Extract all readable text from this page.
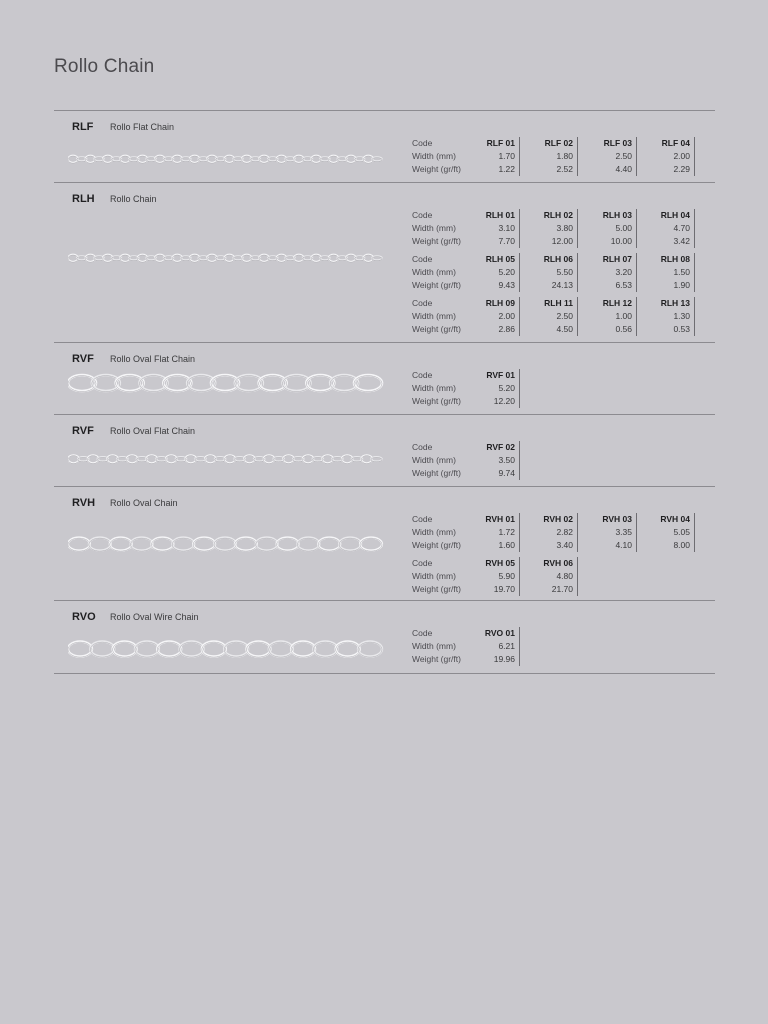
Rollo Chain
RLF Rollo Flat Chain
Code	RLF 01	RLF 02	RLF 03	RLF 04
Width (mm)	1.70	1.80	2.50	2.00
Weight (gr/ft)	1.22	2.52	4.40	2.29
RLH Rollo Chain
Code	RLH 01	RLH 02	RLH 03	RLH 04
Width (mm)	3.10	3.80	5.00	4.70
Weight (gr/ft)	7.70	12.00	10.00	3.42
Code	RLH 05	RLH 06	RLH 07	RLH 08
Width (mm)	5.20	5.50	3.20	1.50
Weight (gr/ft)	9.43	24.13	6.53	1.90
Code	RLH 09	RLH 11	RLH 12	RLH 13
Width (mm)	2.00	2.50	1.00	1.30
Weight (gr/ft)	2.86	4.50	0.56	0.53
RVF Rollo Oval Flat Chain
Code	RVF 01
Width (mm)	5.20
Weight (gr/ft)	12.20
RVF Rollo Oval Flat Chain
Code	RVF 02
Width (mm)	3.50
Weight (gr/ft)	9.74
RVH Rollo Oval Chain
Code	RVH 01	RVH 02	RVH 03	RVH 04
Width (mm)	1.72	2.82	3.35	5.05
Weight (gr/ft)	1.60	3.40	4.10	8.00
Code	RVH 05	RVH 06
Width (mm)	5.90	4.80
Weight (gr/ft)	19.70	21.70
RVO Rollo Oval Wire Chain
Code	RVO 01
Width (mm)	6.21
Weight (gr/ft)	19.96
